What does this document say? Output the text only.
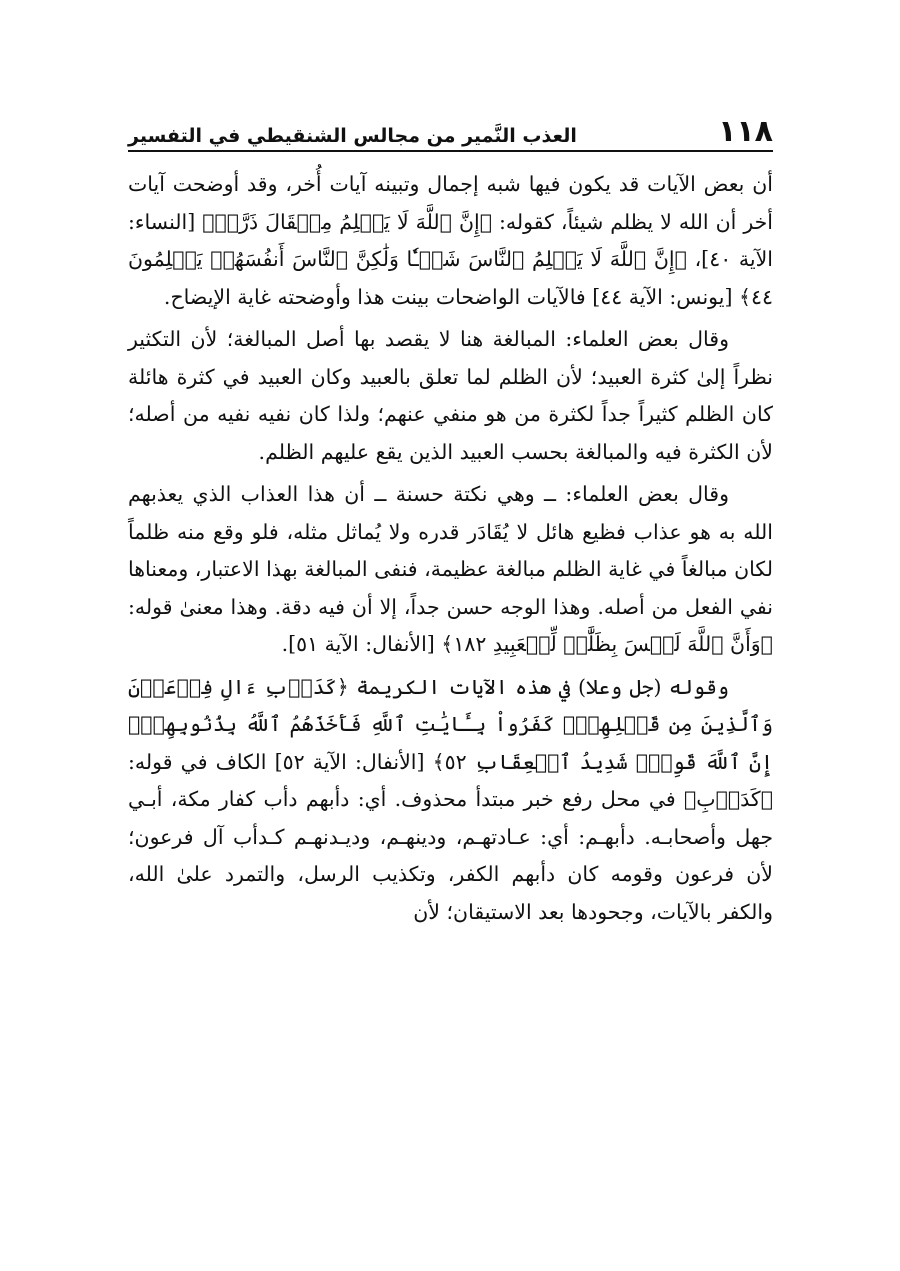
١١٨
العذب النَّمير من مجالس الشنقيطي في التفسير

أن بعض الآيات قد يكون فيها شبه إجمال وتبينه آيات أُخر، وقد أوضحت آيات أخر أن الله لا يظلم شيئاً، كقوله: ﴿إِنَّ ٱللَّهَ لَا يَظۡلِمُ مِثۡقَالَ ذَرَّةٖ﴾ [النساء: الآية ٤٠]، ﴿إِنَّ ٱللَّهَ لَا يَظۡلِمُ ٱلنَّاسَ شَيۡـٔٗا وَلَٰكِنَّ ٱلنَّاسَ أَنفُسَهُمۡ يَظۡلِمُونَ ٤٤﴾ [يونس: الآية ٤٤] فالآيات الواضحات بينت هذا وأوضحته غاية الإيضاح.

وقال بعض العلماء: المبالغة هنا لا يقصد بها أصل المبالغة؛ لأن التكثير نظراً إلىٰ كثرة العبيد؛ لأن الظلم لما تعلق بالعبيد وكان العبيد في كثرة هائلة كان الظلم كثيراً جداً لكثرة من هو منفي عنهم؛ ولذا كان نفيه نفيه من أصله؛ لأن الكثرة فيه والمبالغة بحسب العبيد الذين يقع عليهم الظلم.

وقال بعض العلماء: ــ وهي نكتة حسنة ــ أن هذا العذاب الذي يعذبهم الله به هو عذاب فظيع هائل لا يُقَادَر قدره ولا يُماثل مثله، فلو وقع منه ظلماً لكان مبالغاً في غاية الظلم مبالغة عظيمة، فنفى المبالغة بهذا الاعتبار، ومعناها نفي الفعل من أصله. وهذا الوجه حسن جداً، إلا أن فيه دقة. وهذا معنىٰ قوله: ﴿وَأَنَّ ٱللَّهَ لَيۡسَ بِظَلَّٰمٖ لِّلۡعَبِيدِ ١٨٢﴾ [الأنفال: الآية ٥١].

وقوله (جل وعلا) في هذه الآيات الكريمة ﴿كَدَأۡبِ ءَالِ فِرۡعَوۡنَ وَٱلَّذِينَ مِن قَبۡلِهِمۡۚ كَفَرُواْ بِـَٔايَٰتِ ٱللَّهِ فَأَخَذَهُمُ ٱللَّهُ بِذُنُوبِهِمۡۚ إِنَّ ٱللَّهَ قَوِيّٞ شَدِيدُ ٱلۡعِقَابِ ٥٢﴾ [الأنفال: الآية ٥٢] الكاف في قوله: ﴿كَدَأۡبِ﴾ في محل رفع خبر مبتدأ محذوف. أي: دأبهم دأب كفار مكة، أبـي جهل وأصحابـه. دأبهـم: أي: عـادتهـم، ودينهـم، وديـدنهـم كـدأب آل فرعون؛ لأن فرعون وقومه كان دأبهم الكفر، وتكذيب الرسل، والتمرد علىٰ الله، والكفر بالآيات، وجحودها بعد الاستيقان؛ لأن
